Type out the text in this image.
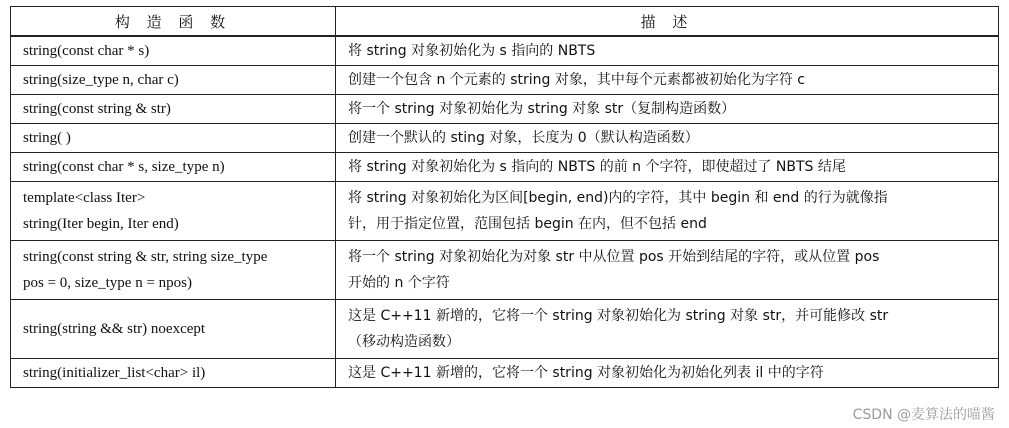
构 造 函 数	描 述

string(const char * s)	将 string 对象初始化为 s 指向的 NBTS

string(size_type n, char c)	创建一个包含 n 个元素的 string 对象，其中每个元素都被初始化为字符 c

string(const string & str)	将一个 string 对象初始化为 string 对象 str（复制构造函数）

string( )	创建一个默认的 sting 对象，长度为 0（默认构造函数）

string(const char * s, size_type n)	将 string 对象初始化为 s 指向的 NBTS 的前 n 个字符，即使超过了 NBTS 结尾

template<class Iter>
string(Iter begin, Iter end)	将 string 对象初始化为区间[begin, end)内的字符，其中 begin 和 end 的行为就像指
针，用于指定位置，范围包括 begin 在内，但不包括 end

string(const string & str, string size_type
pos = 0, size_type n = npos)	将一个 string 对象初始化为对象 str 中从位置 pos 开始到结尾的字符，或从位置 pos
开始的 n 个字符

string(string && str) noexcept	这是 C++11 新增的，它将一个 string 对象初始化为 string 对象 str，并可能修改 str
（移动构造函数）

string(initializer_list<char> il)	这是 C++11 新增的，它将一个 string 对象初始化为初始化列表 il 中的字符
CSDN @麦算法的喵酱
